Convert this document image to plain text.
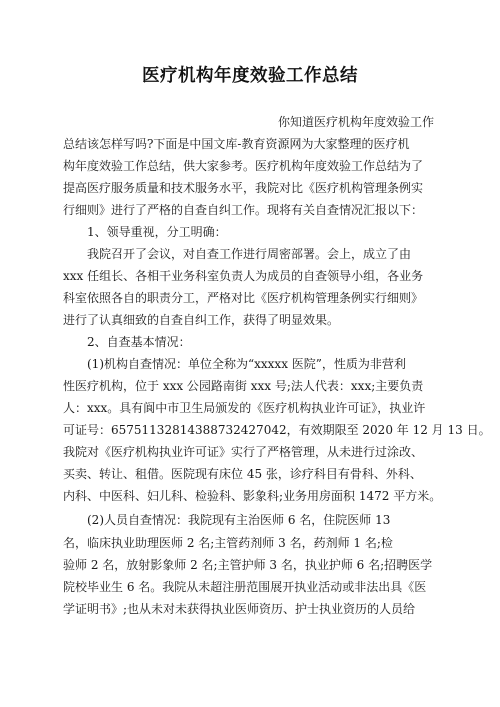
医疗机构年度效验工作总结
你知道医疗机构年度效验工作
总结该怎样写吗?下面是中国文库-教育资源网为大家整理的医疗机
构年度效验工作总结，供大家参考。医疗机构年度效验工作总结为了
提高医疗服务质量和技术服务水平，我院对比《医疗机构管理条例实
行细则》进行了严格的自查自纠工作。现将有关自查情况汇报以下：
1、领导重视，分工明确：
我院召开了会议，对自查工作进行周密部署。会上，成立了由
xxx 任组长、各相干业务科室负责人为成员的自查领导小组，各业务
科室依照各自的职责分工，严格对比《医疗机构管理条例实行细则》
进行了认真细致的自查自纠工作，获得了明显效果。
2、自查基本情况：
(1)机构自查情况：单位全称为“xxxxx 医院”，性质为非营利
性医疗机构，位于 xxx 公园路南街 xxx 号;法人代表：xxx;主要负责
人：xxx。具有阆中市卫生局颁发的《医疗机构执业许可证》，执业许
可证号：657511328143887324270​42，有效期限至 2020 年 12 月 13 日。
我院对《医疗机构执业许可证》实行了严格管理，从未进行过涂改、
买卖、转让、租借。医院现有床位 45 张，诊疗科目有骨科、外科、
内科、中医科、妇儿科、检验科、影象科;业务用房面积 1472 平方米。
(2)人员自查情况：我院现有主治医师 6 名，住院医师 13
名，临床执业助理医师 2 名;主管药剂师 3 名，药剂师 1 名;检
验师 2 名，放射影象师 2 名;主管护师 3 名，执业护师 6 名;招聘医学
院校毕业生 6 名。我院从未超注册范围展开执业活动或非法出具《医
学证明书》;也从未对未获得执业医师资历、护士执业资历的人员给
